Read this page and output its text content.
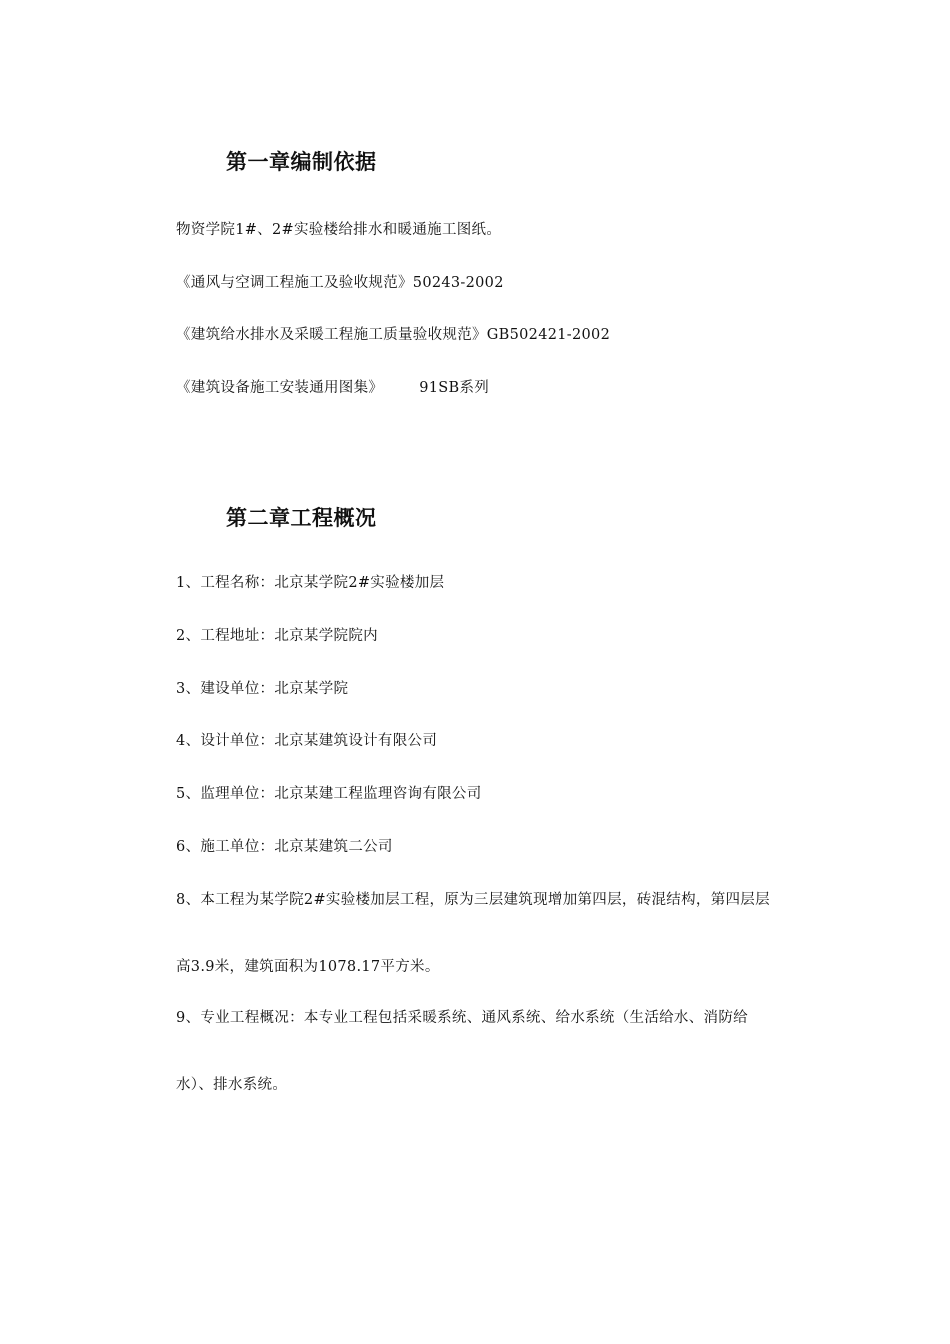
第一章编制依据
物资学院1#、2#实验楼给排水和暖通施工图纸。
《通风与空调工程施工及验收规范》50243-2002
《建筑给水排水及采暖工程施工质量验收规范》GB502421-2002
《建筑设备施工安装通用图集》 91SB系列
第二章工程概况
1、工程名称：北京某学院2#实验楼加层
2、工程地址：北京某学院院内
3、建设单位：北京某学院
4、设计单位：北京某建筑设计有限公司
5、监理单位：北京某建工程监理咨询有限公司
6、施工单位：北京某建筑二公司
8、本工程为某学院2#实验楼加层工程，原为三层建筑现增加第四层，砖混结构，第四层层
高3.9米，建筑面积为1078.17平方米。
9、专业工程概况：本专业工程包括采暖系统、通风系统、给水系统（生活给水、消防给
水）、排水系统。
